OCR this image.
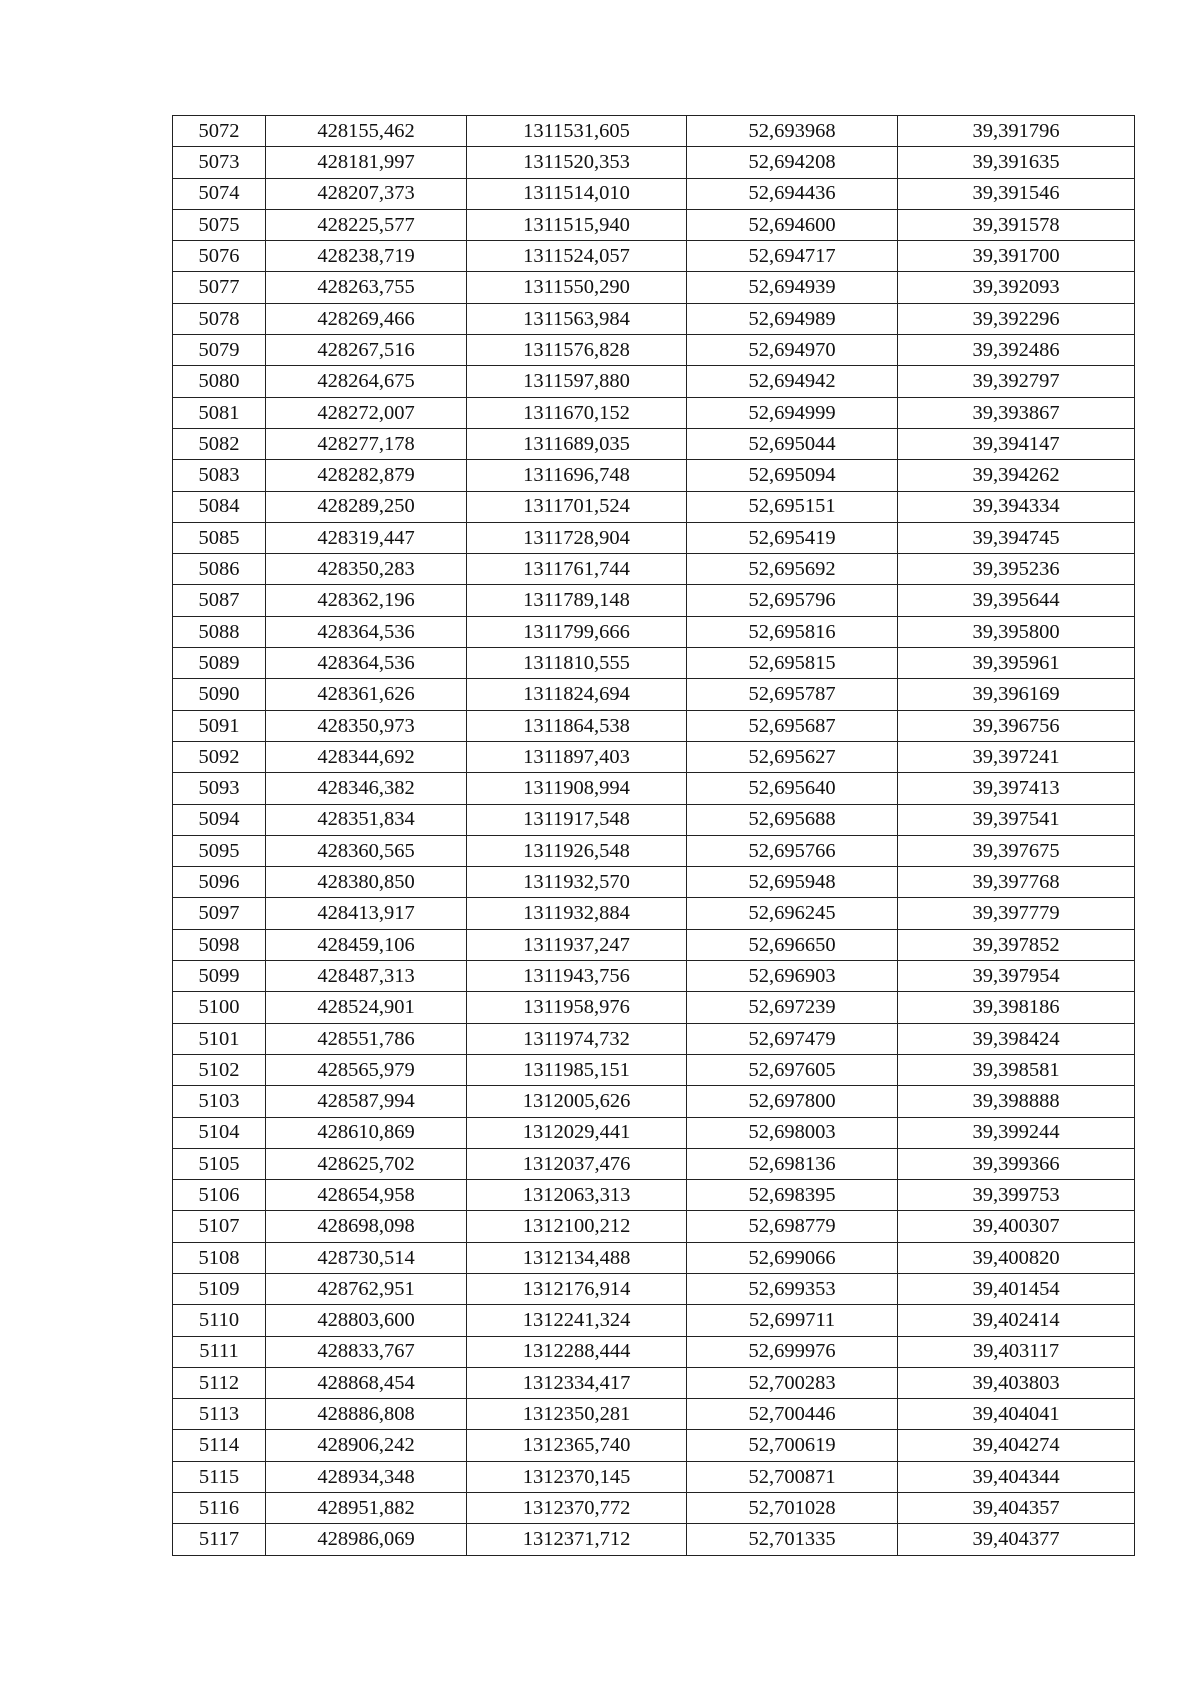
5072	428155,462	1311531,605	52,693968	39,391796
5073	428181,997	1311520,353	52,694208	39,391635
5074	428207,373	1311514,010	52,694436	39,391546
5075	428225,577	1311515,940	52,694600	39,391578
5076	428238,719	1311524,057	52,694717	39,391700
5077	428263,755	1311550,290	52,694939	39,392093
5078	428269,466	1311563,984	52,694989	39,392296
5079	428267,516	1311576,828	52,694970	39,392486
5080	428264,675	1311597,880	52,694942	39,392797
5081	428272,007	1311670,152	52,694999	39,393867
5082	428277,178	1311689,035	52,695044	39,394147
5083	428282,879	1311696,748	52,695094	39,394262
5084	428289,250	1311701,524	52,695151	39,394334
5085	428319,447	1311728,904	52,695419	39,394745
5086	428350,283	1311761,744	52,695692	39,395236
5087	428362,196	1311789,148	52,695796	39,395644
5088	428364,536	1311799,666	52,695816	39,395800
5089	428364,536	1311810,555	52,695815	39,395961
5090	428361,626	1311824,694	52,695787	39,396169
5091	428350,973	1311864,538	52,695687	39,396756
5092	428344,692	1311897,403	52,695627	39,397241
5093	428346,382	1311908,994	52,695640	39,397413
5094	428351,834	1311917,548	52,695688	39,397541
5095	428360,565	1311926,548	52,695766	39,397675
5096	428380,850	1311932,570	52,695948	39,397768
5097	428413,917	1311932,884	52,696245	39,397779
5098	428459,106	1311937,247	52,696650	39,397852
5099	428487,313	1311943,756	52,696903	39,397954
5100	428524,901	1311958,976	52,697239	39,398186
5101	428551,786	1311974,732	52,697479	39,398424
5102	428565,979	1311985,151	52,697605	39,398581
5103	428587,994	1312005,626	52,697800	39,398888
5104	428610,869	1312029,441	52,698003	39,399244
5105	428625,702	1312037,476	52,698136	39,399366
5106	428654,958	1312063,313	52,698395	39,399753
5107	428698,098	1312100,212	52,698779	39,400307
5108	428730,514	1312134,488	52,699066	39,400820
5109	428762,951	1312176,914	52,699353	39,401454
5110	428803,600	1312241,324	52,699711	39,402414
5111	428833,767	1312288,444	52,699976	39,403117
5112	428868,454	1312334,417	52,700283	39,403803
5113	428886,808	1312350,281	52,700446	39,404041
5114	428906,242	1312365,740	52,700619	39,404274
5115	428934,348	1312370,145	52,700871	39,404344
5116	428951,882	1312370,772	52,701028	39,404357
5117	428986,069	1312371,712	52,701335	39,404377
